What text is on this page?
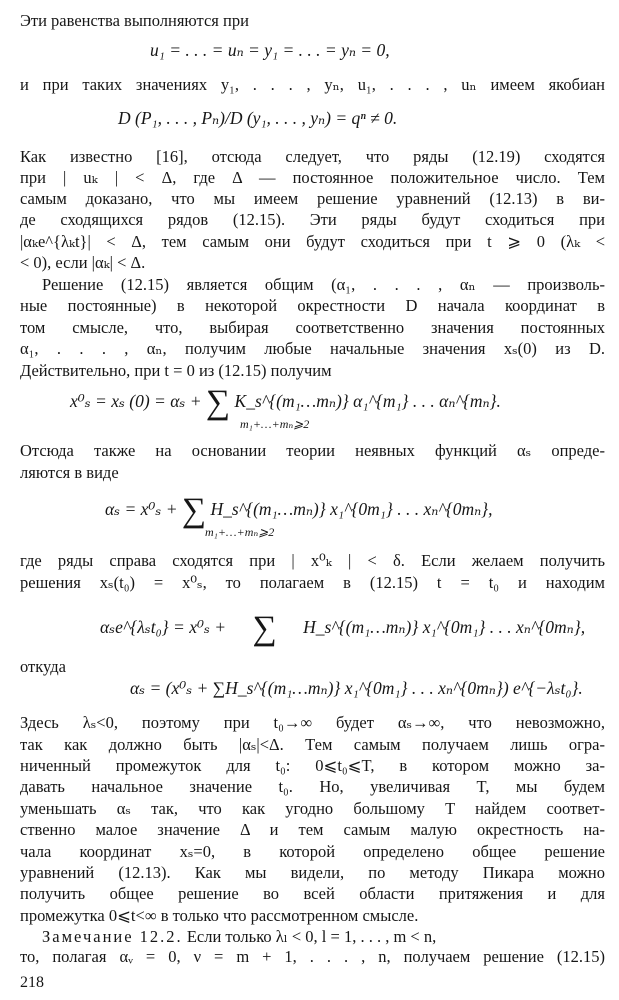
Эти равенства выполняются при
u₁ = . . . = uₙ = y₁ = . . . = yₙ = 0,
и при таких значениях y₁, . . . , yₙ, u₁, . . . , uₙ имеем якобиан
D (P₁, . . . , Pₙ)/D (y₁, . . . , yₙ) = qⁿ ≠ 0.
Как известно [16], отсюда следует, что ряды (12.19) сходятся
при | uₖ | < Δ, где Δ — постоянное положительное число. Тем
самым доказано, что мы имеем решение уравнений (12.13) в ви-
де сходящихся рядов (12.15). Эти ряды будут сходиться при
|αₖe^{λₖt}| < Δ, тем самым они будут сходиться при t ⩾ 0 (λₖ <
< 0), если |αₖ| < Δ.
Решение (12.15) является общим (α₁, . . . , αₙ — произволь-
ные постоянные) в некоторой окрестности D начала координат в
том смысле, что, выбирая соответственно значения постоянных
α₁, . . . , αₙ, получим любые начальные значения xₛ(0) из D.
Действительно, при t = 0 из (12.15) получим
x⁰ₛ = xₛ (0) = αₛ + ∑ K_s^{(m₁…mₙ)} α₁^{m₁} . . . αₙ^{mₙ}.
m₁+…+mₙ⩾2
Отсюда также на основании теории неявных функций αₛ опреде-
ляются в виде
αₛ = x⁰ₛ + ∑ H_s^{(m₁…mₙ)} x₁^{0m₁} . . . xₙ^{0mₙ},
m₁+…+mₙ⩾2
где ряды справа сходятся при | x⁰ₖ | < δ. Если желаем получить
решения xₛ(t₀) = x⁰ₛ, то полагаем в (12.15) t = t₀ и находим
αₛe^{λₛt₀} = x⁰ₛ + ∑ H_s^{(m₁…mₙ)} x₁^{0m₁} . . . xₙ^{0mₙ},
откуда
αₛ = (x⁰ₛ + ∑H_s^{(m₁…mₙ)} x₁^{0m₁} . . . xₙ^{0mₙ}) e^{−λₛt₀}.
Здесь λₛ<0, поэтому при t₀→∞ будет αₛ→∞, что невозможно,
так как должно быть |αₛ|<Δ. Тем самым получаем лишь огра-
ниченный промежуток для t₀: 0⩽t₀⩽T, в котором можно за-
давать начальное значение t₀. Но, увеличивая T, мы будем
уменьшать αₛ так, что как угодно большому T найдем соответ-
ственно малое значение Δ и тем самым малую окрестность на-
чала координат xₛ=0, в которой определено общее решение
уравнений (12.13). Как мы видели, по методу Пикара можно
получить общее решение во всей области притяжения и для
промежутка 0⩽t<∞ в только что рассмотренном смысле.
Замечание 12.2. Если только λₗ < 0, l = 1, . . . , m < n,
то, полагая αᵥ = 0, ν = m + 1, . . . , n, получаем решение (12.15)
218
